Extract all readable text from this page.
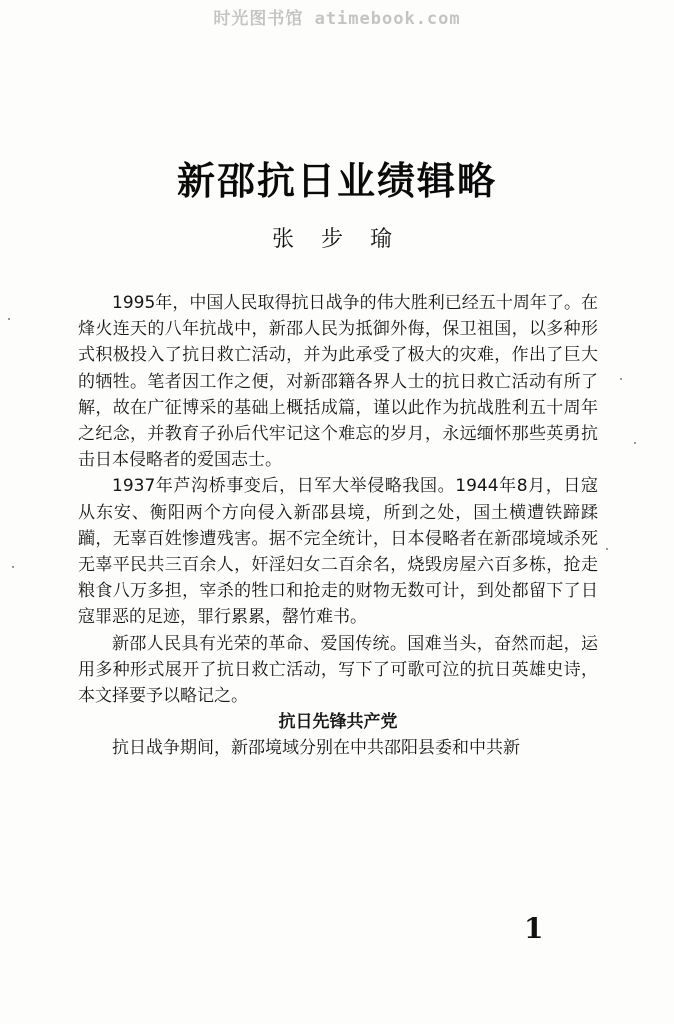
时光图书馆 atimebook.com
新邵抗日业绩辑略
张 步 瑜

1995年，中国人民取得抗日战争的伟大胜利已经五十周年了。在烽火连天的八年抗战中，新邵人民为抵御外侮，保卫祖国，以多种形式积极投入了抗日救亡活动，并为此承受了极大的灾难，作出了巨大的牺牲。笔者因工作之便，对新邵籍各界人士的抗日救亡活动有所了解，故在广征博采的基础上概括成篇，谨以此作为抗战胜利五十周年之纪念，并教育子孙后代牢记这个难忘的岁月，永远缅怀那些英勇抗击日本侵略者的爱国志士。

1937年芦沟桥事变后，日军大举侵略我国。1944年8月，日寇从东安、衡阳两个方向侵入新邵县境，所到之处，国土横遭铁蹄蹂躏，无辜百姓惨遭残害。据不完全统计，日本侵略者在新邵境域杀死无辜平民共三百余人，奸淫妇女二百余名，烧毁房屋六百多栋，抢走粮食八万多担，宰杀的牲口和抢走的财物无数可计，到处都留下了日寇罪恶的足迹，罪行累累，罄竹难书。

新邵人民具有光荣的革命、爱国传统。国难当头，奋然而起，运用多种形式展开了抗日救亡活动，写下了可歌可泣的抗日英雄史诗，本文择要予以略记之。

抗日先锋共产党

抗日战争期间，新邵境域分别在中共邵阳县委和中共新

1
